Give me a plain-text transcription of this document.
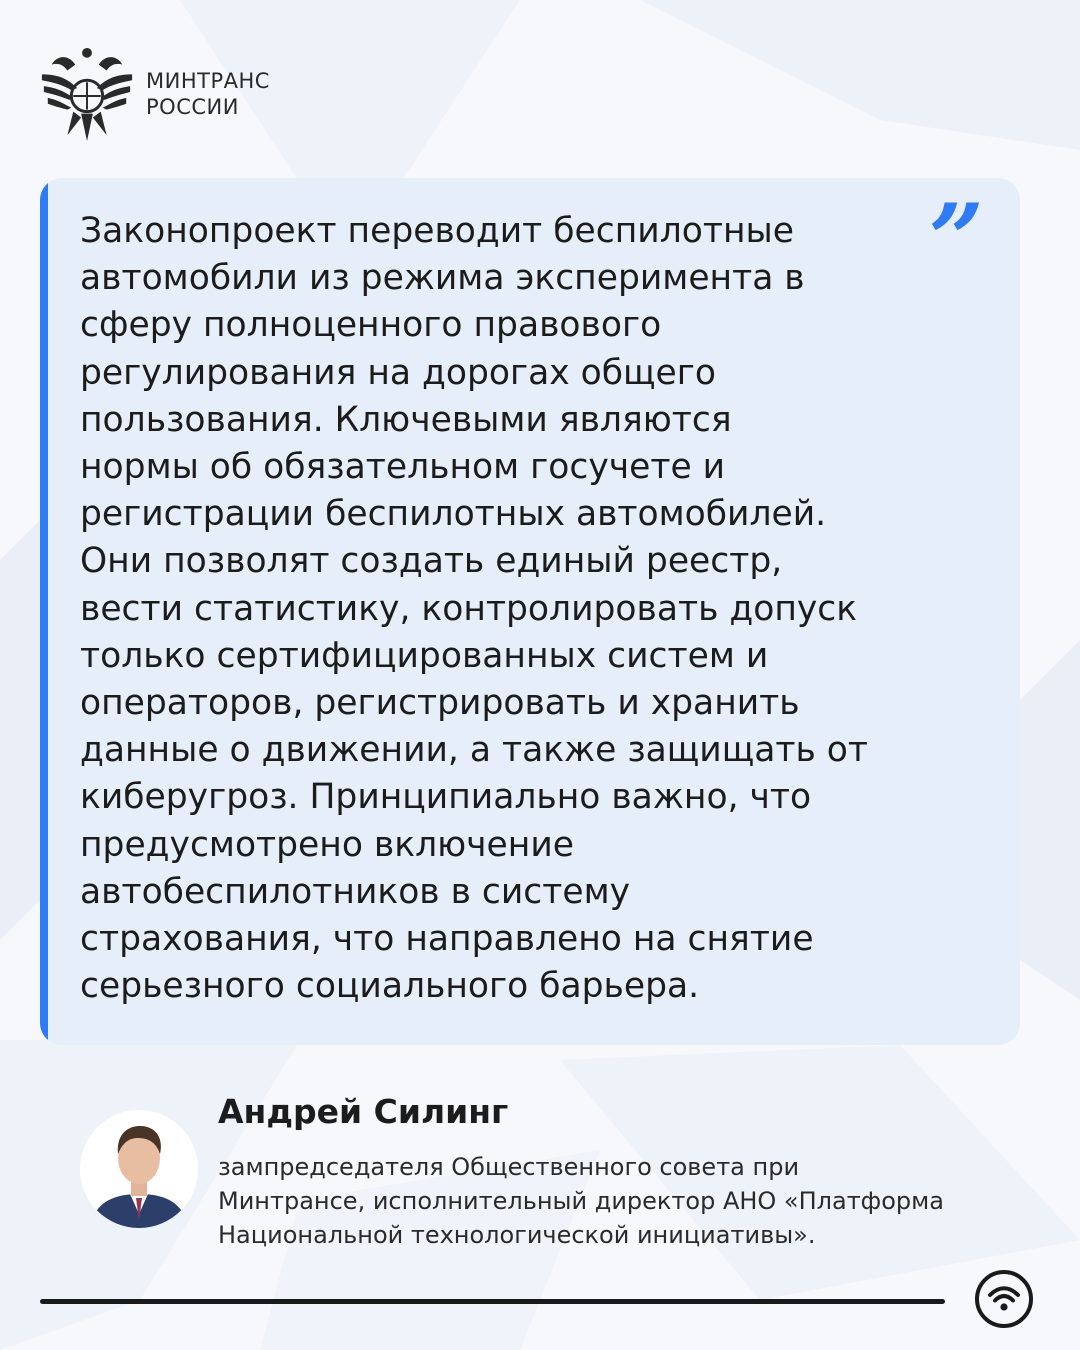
МИНТРАНС
РОССИИ
Законопроект переводит беспилотные
автомобили из режима эксперимента в
сферу полноценного правового
регулирования на дорогах общего
пользования. Ключевыми являются
нормы об обязательном госучете и
регистрации беспилотных автомобилей.
Они позволят создать единый реестр,
вести статистику, контролировать допуск
только сертифицированных систем и
операторов, регистрировать и хранить
данные о движении, а также защищать от
киберугроз. Принципиально важно, что
предусмотрено включение
автобеспилотников в систему
страхования, что направлено на снятие
серьезного социального барьера.
”
Андрей Силинг
зампредседателя Общественного совета при
Минтрансе, исполнительный директор АНО «Платформа
Национальной технологической инициативы».
